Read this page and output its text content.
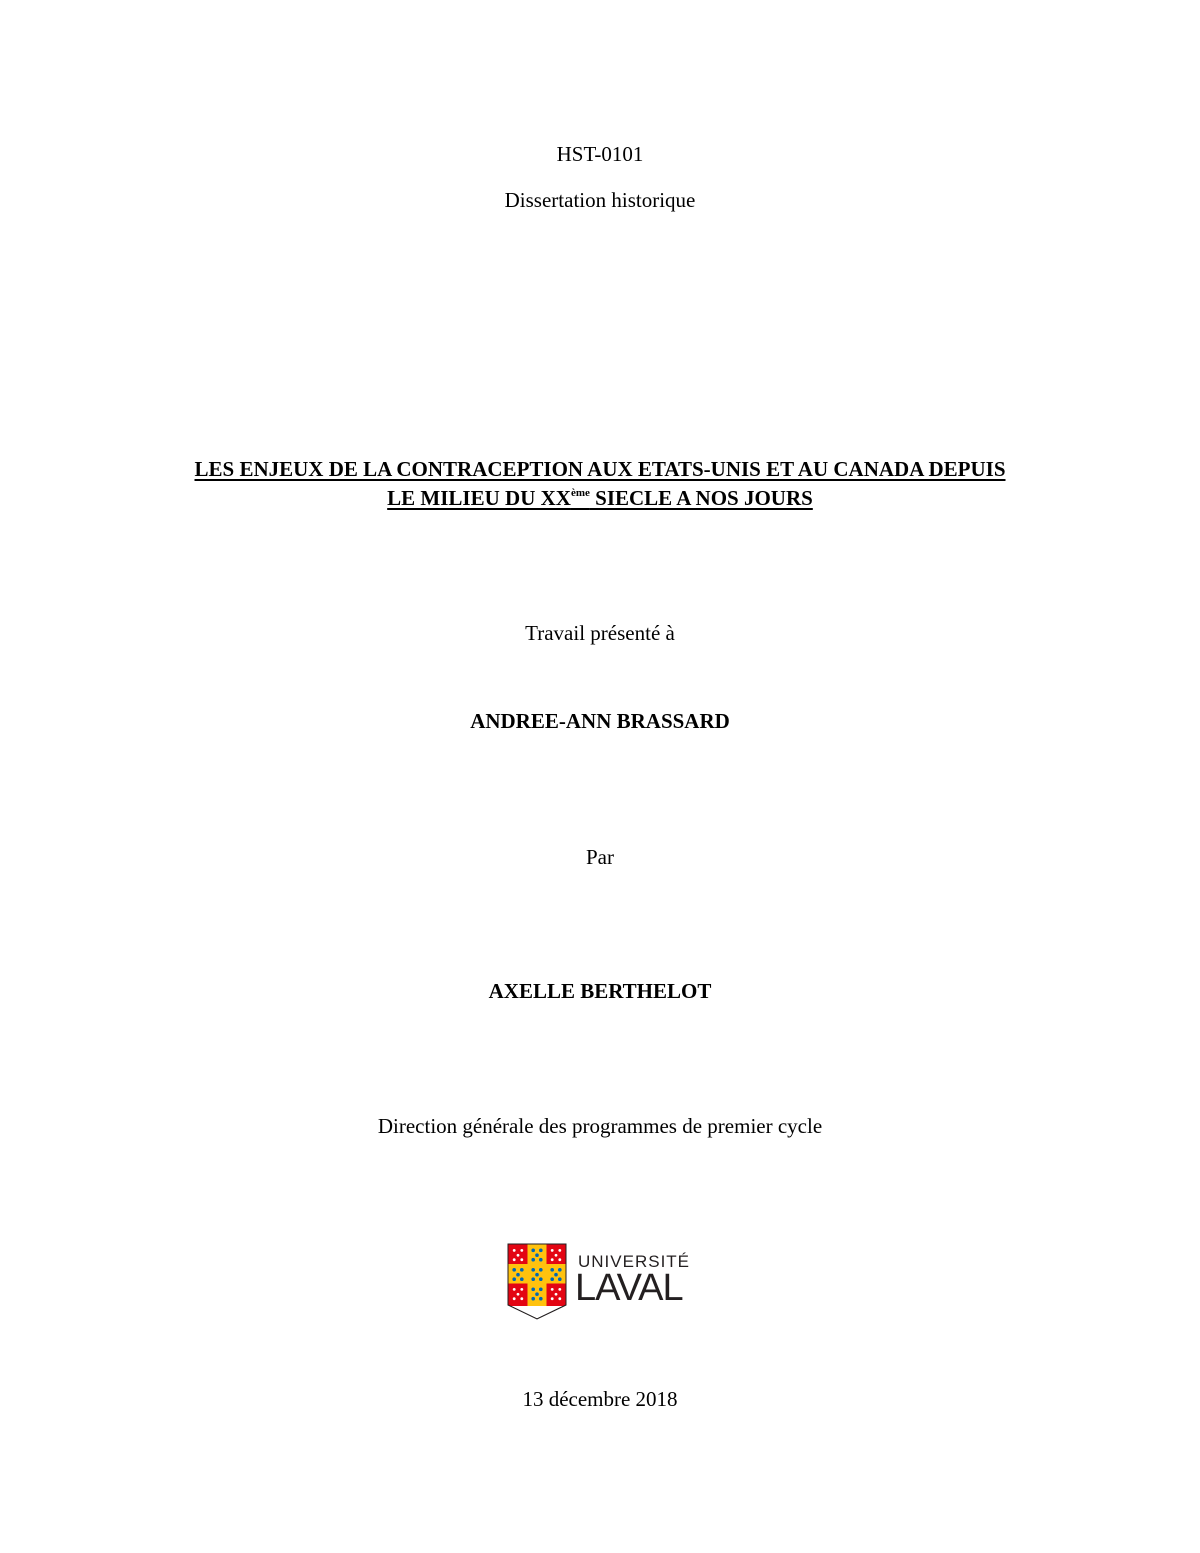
HST-0101
Dissertation historique
LES ENJEUX DE LA CONTRACEPTION AUX ETATS-UNIS ET AU CANADA DEPUIS
LE MILIEU DU XXème SIECLE A NOS JOURS
Travail présenté à
ANDREE-ANN BRASSARD
Par
AXELLE BERTHELOT
Direction générale des programmes de premier cycle
UNIVERSITÉ
LAVAL
13 décembre 2018
